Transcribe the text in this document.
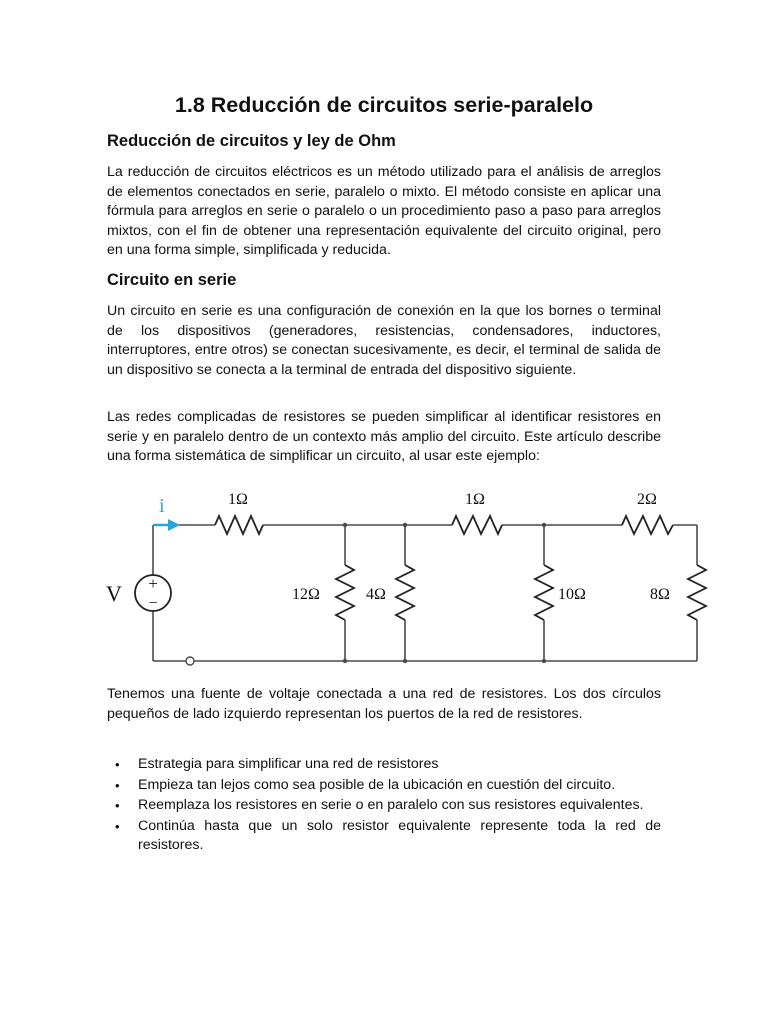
1.8 Reducción de circuitos serie-paralelo
Reducción de circuitos y ley de Ohm

La reducción de circuitos eléctricos es un método utilizado para el análisis de arreglos de elementos conectados en serie, paralelo o mixto. El método consiste en aplicar una fórmula para arreglos en serie o paralelo o un procedimiento paso a paso para arreglos mixtos, con el fin de obtener una representación equivalente del circuito original, pero en una forma simple, simplificada y reducida.

Circuito en serie

Un circuito en serie es una configuración de conexión en la que los bornes o terminal de los dispositivos (generadores, resistencias, condensadores, inductores, interruptores, entre otros) se conectan sucesivamente, es decir, el terminal de salida de un dispositivo se conecta a la terminal de entrada del dispositivo siguiente.

Las redes complicadas de resistores se pueden simplificar al identificar resistores en serie y en paralelo dentro de un contexto más amplio del circuito. Este artículo describe una forma sistemática de simplificar un circuito, al usar este ejemplo:

Tenemos una fuente de voltaje conectada a una red de resistores. Los dos círculos pequeños de lado izquierdo representan los puertos de la red de resistores.

• Estrategia para simplificar una red de resistores
• Empieza tan lejos como sea posible de la ubicación en cuestión del circuito.
• Reemplaza los resistores en serie o en paralelo con sus resistores equivalentes.
• Continúa hasta que un solo resistor equivalente represente toda la red de resistores.
+
−
V
i	1Ω	1Ω	2Ω
12Ω	4Ω	10Ω	8Ω
